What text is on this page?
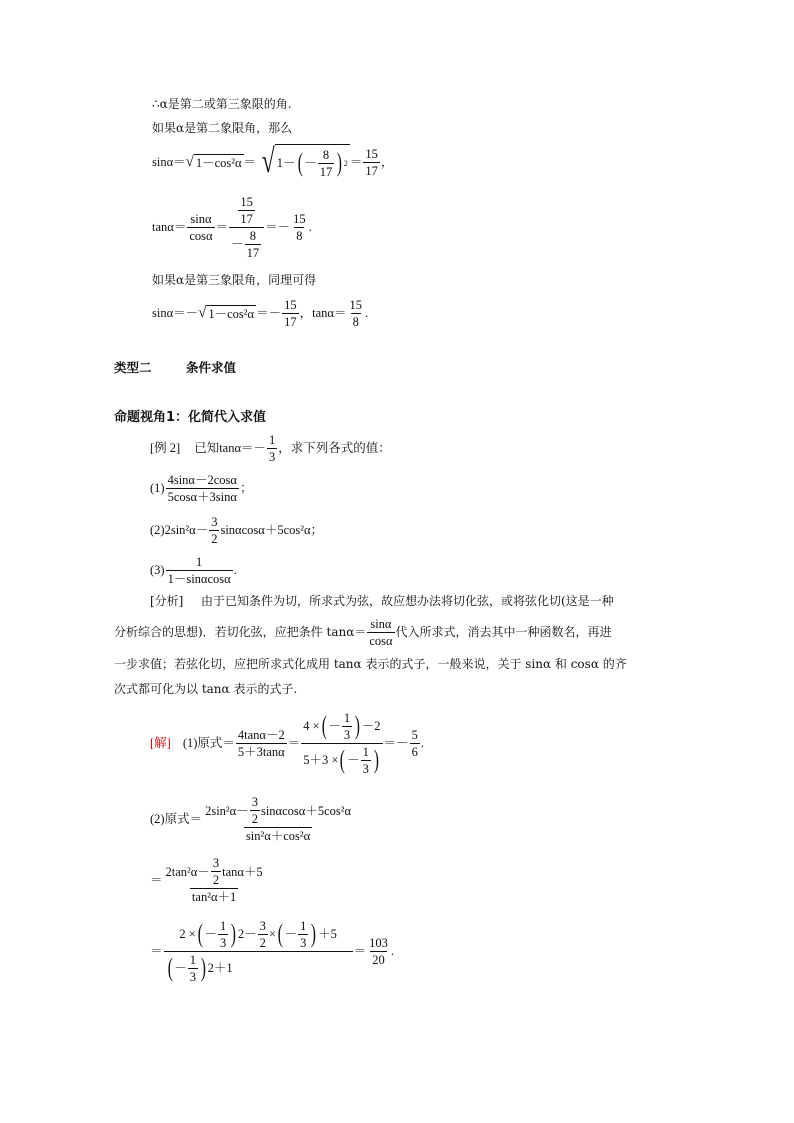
∴α是第二或第三象限的角.
如果α是第二象限角，那么
sinα＝ √ 1－cos²α ＝ √ 1－ ( － $\frac{8}{17}$ ) $2 = \frac{15}{17}$ ，
$\tan\alpha= \frac{\sin\alpha}{\cos\alpha} = \frac{\frac{15}{17}}{- \frac{8}{17}} =- \frac{15}{8}$ .
如果α是第三象限角，同理可得
sinα＝－ √ $1-\cos^2\alpha =- \frac{15}{17}$ ，$\tan\alpha= \frac{15}{8}$ .
类型二	条件求值
命题视角1：化简代入求值
[例 2] 已知$\tan\alpha=- \frac{1}{3}$ ，求下列各式的值：
$(1) \frac{4\sin\alpha-2\cos\alpha}{5\cos\alpha+3\sin\alpha}$ ；
$(2)2\sin^2\alpha- \frac{3}{2} \sin\alpha\cos\alpha+5\cos^2\alpha$；
$(3) \frac{1}{1-\sin\alpha\cos\alpha}$ .
[分析] 由于已知条件为切，所求式为弦，故应想办法将切化弦，或将弦化切(这是一种
分析综合的思想)．若切化弦，应把条件 $\tan\alpha= \frac{\sin\alpha}{\cos\alpha}$ 代入所求式，消去其中一种函数名，再进
一步求值；若弦化切，应把所求式化成用 tanα 表示的式子，一般来说，关于 sinα 和 cosα 的齐
次式都可化为以 tanα 表示的式子.
[解] (1)原式＝ $\frac{4\tan\alpha-2}{5+3\tan\alpha} = \frac{4 \times ( - \frac{1}{3} ) -2}{5+3 \times ( - \frac{1}{3} )} =- \frac{5}{6}$ .
(2)原式＝ $\frac{2\sin^2\alpha- \frac{3}{2} \sin\alpha\cos\alpha+5\cos^2\alpha}{\text{sin²α＋cos²α}}$
＝ $\frac{2\tan^2\alpha- \frac{3}{2} \tan\alpha+5}{\text{tan²α＋1}}$
＝
2 × ( － $\frac{1}{3}$ ) $2- \frac{3}{2}$ × ( － $\frac{1}{3}$ ) ＋5
( － $\frac{1}{3}$ ) 2＋1
＝ $\frac{103}{20}$ .
